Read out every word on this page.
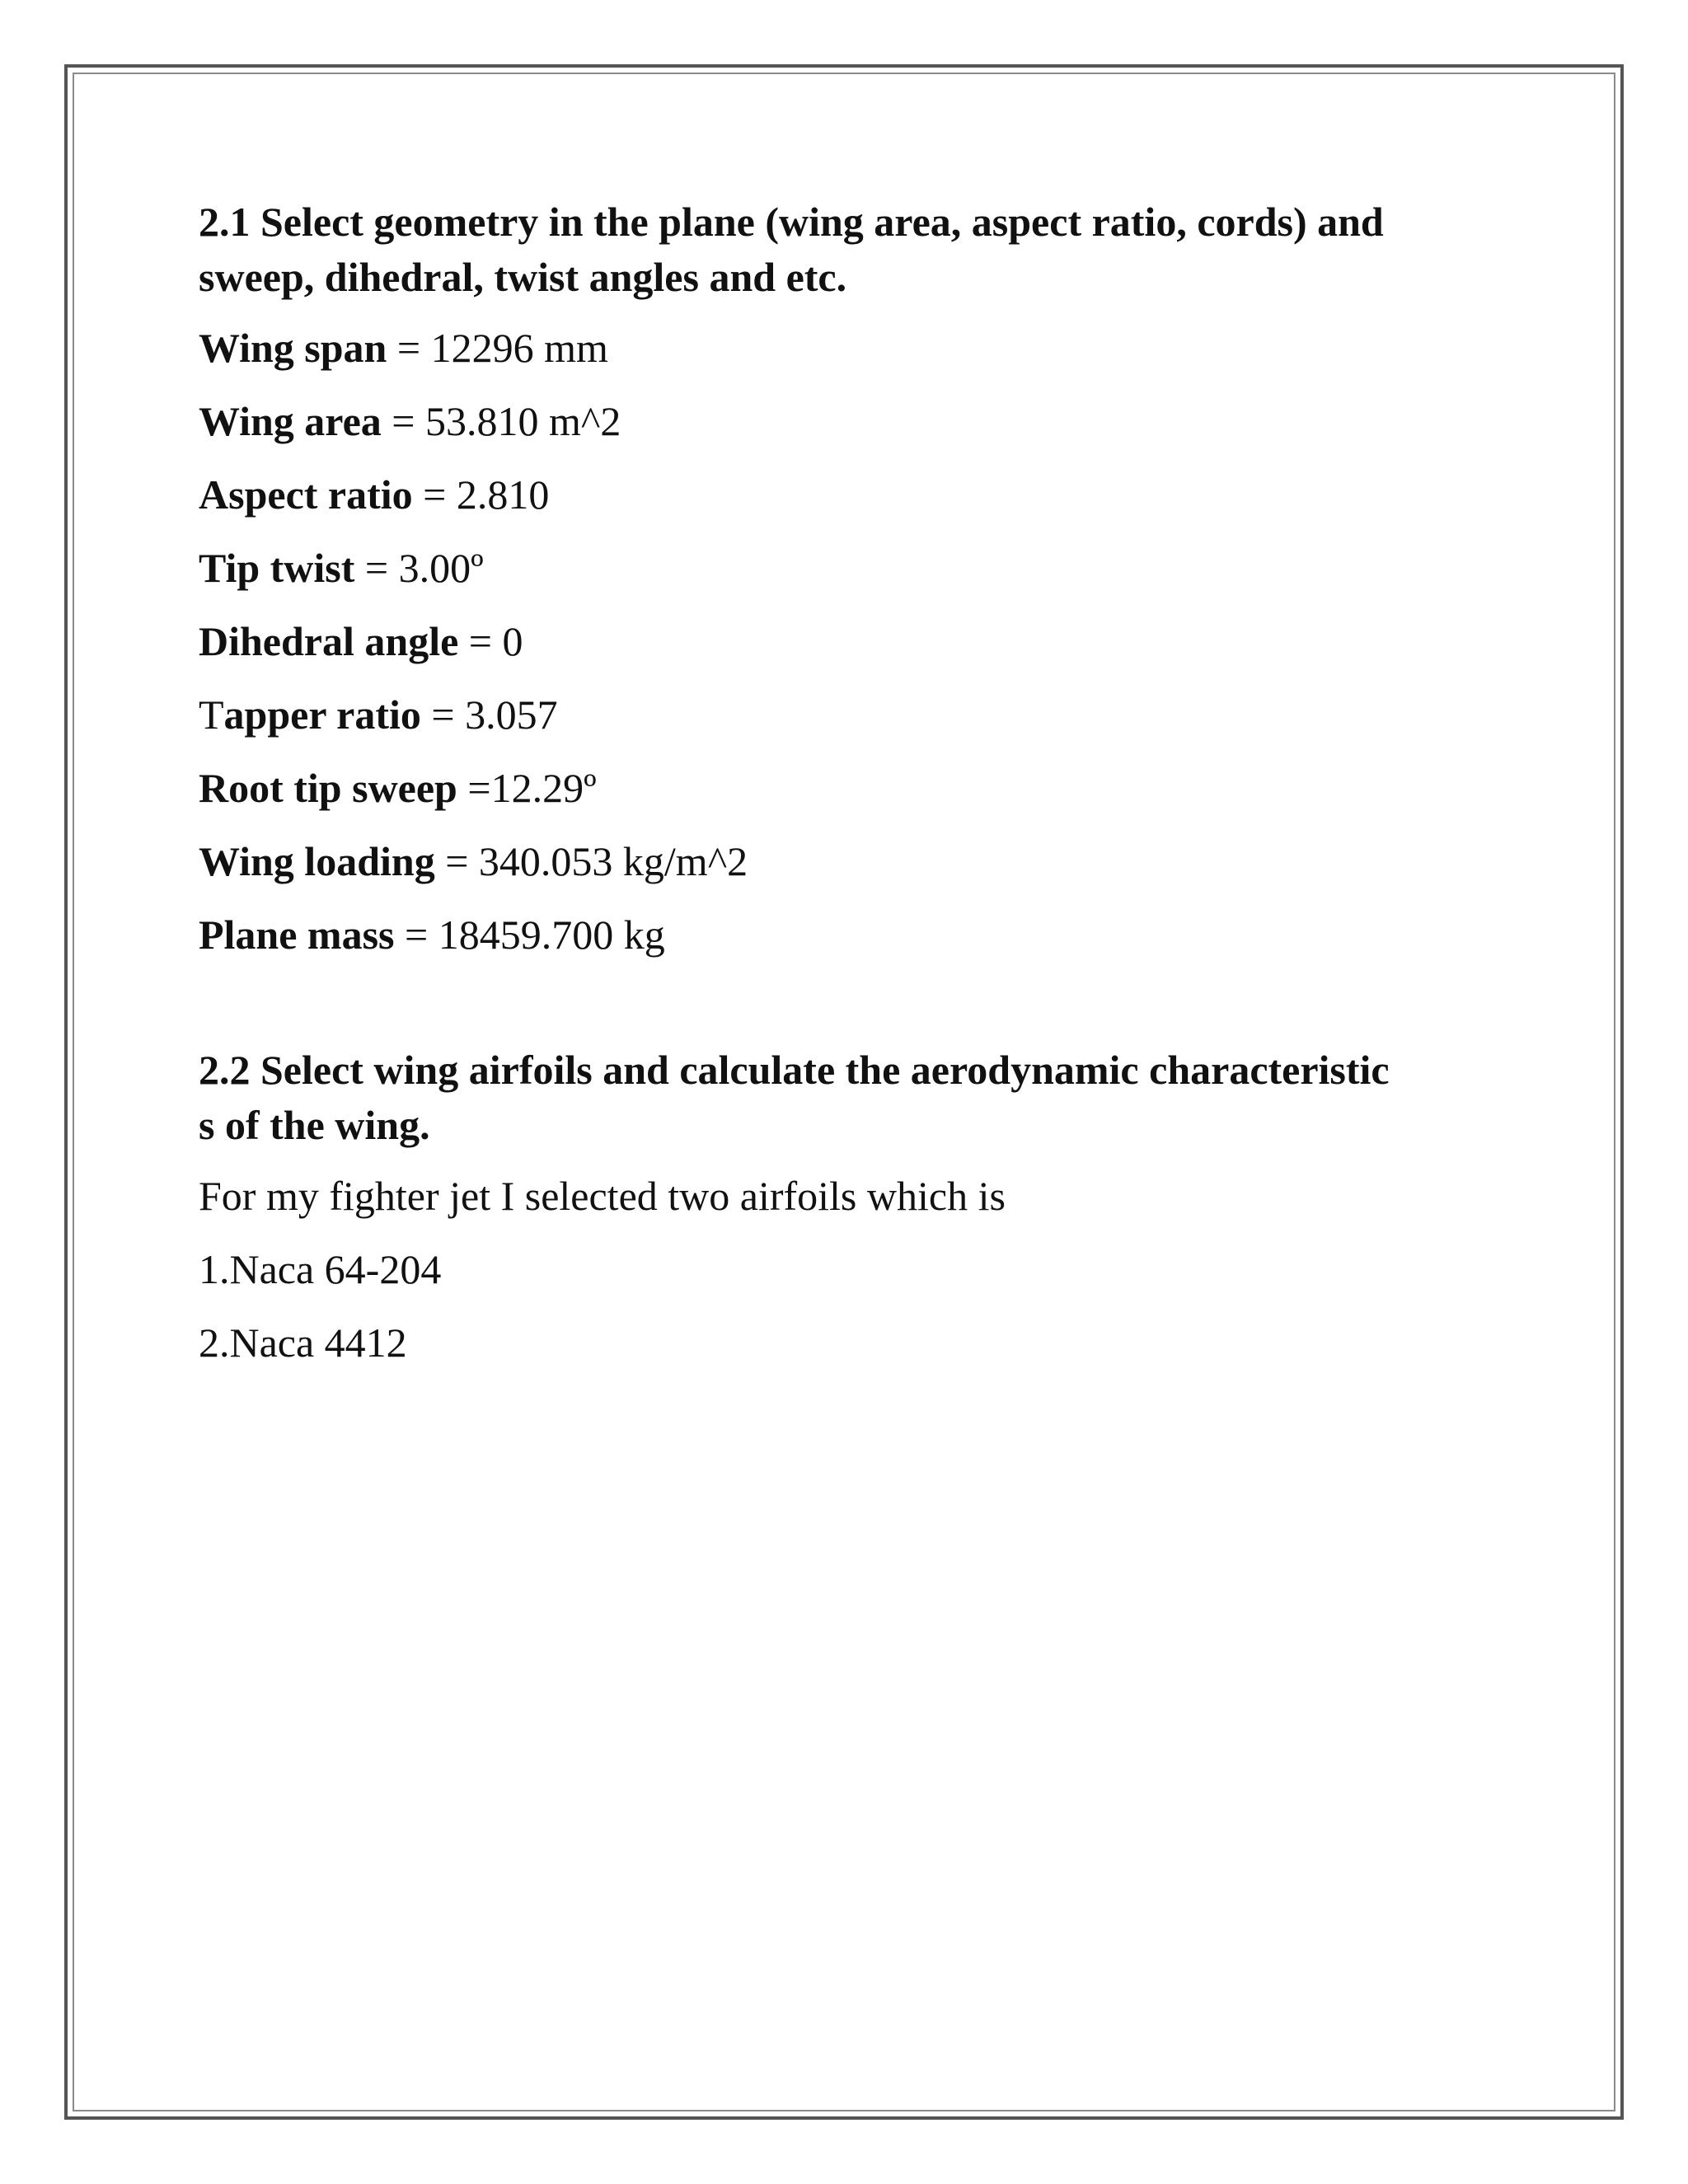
2.1 Select geometry in the plane (wing area, aspect ratio, cords) and sweep, dihedral, twist angles and etc.
Wing span = 12296 mm
Wing area = 53.810 m^2
Aspect ratio = 2.810
Tip twist = 3.00º
Dihedral angle = 0
Tapper ratio = 3.057
Root tip sweep =12.29º
Wing loading = 340.053 kg/m^2
Plane mass = 18459.700 kg
2.2 Select wing airfoils and calculate the aerodynamic characteristic
s of the wing.
For my fighter jet I selected two airfoils which is
1.Naca 64-204
2.Naca 4412
